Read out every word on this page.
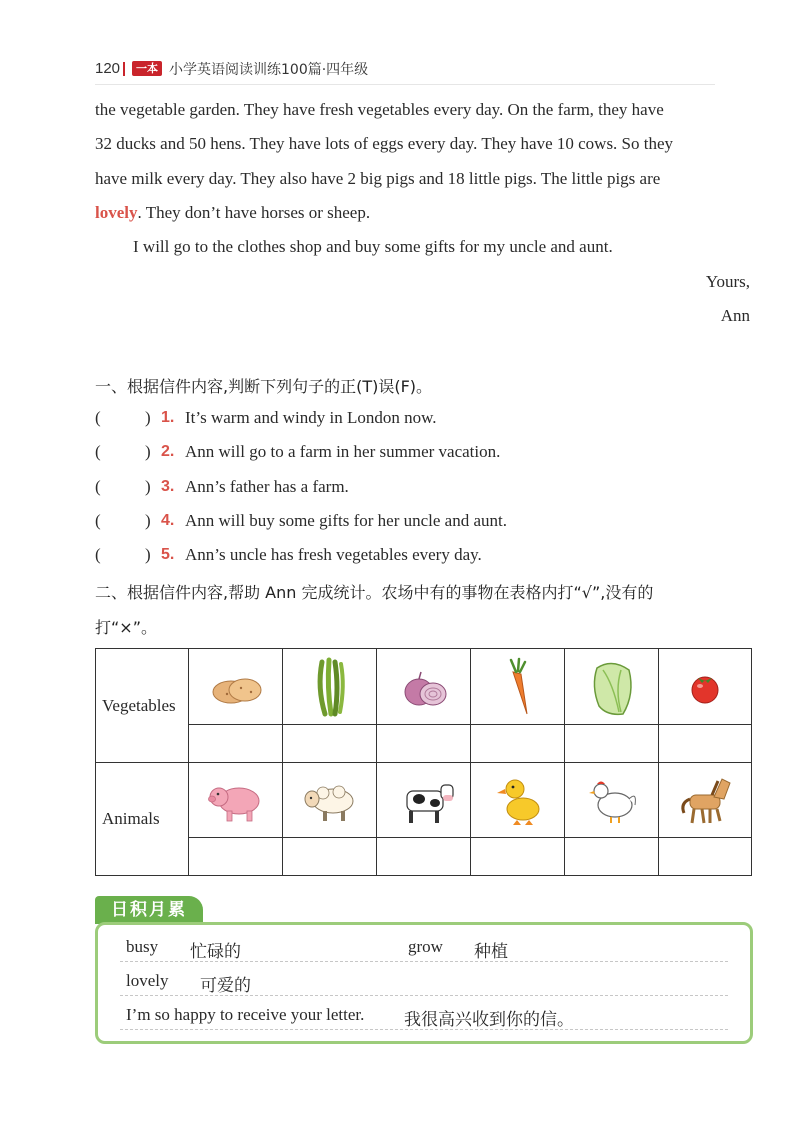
120	一本 小学英语阅读训练100篇·四年级
the vegetable garden. They have fresh vegetables every day. On the farm, they have
32 ducks and 50 hens. They have lots of eggs every day. They have 10 cows. So they
have milk every day. They also have 2 big pigs and 18 little pigs. The little pigs are
lovely. They don’t have horses or sheep.
I will go to the clothes shop and buy some gifts for my uncle and aunt.
Yours,
Ann
一、根据信件内容,判断下列句子的正(T)误(F)。
(	) 1. It’s warm and windy in London now.
(	) 2. Ann will go to a farm in her summer vacation.
(	) 3. Ann’s father has a farm.
(	) 4. Ann will buy some gifts for her uncle and aunt.
(	) 5. Ann’s uncle has fresh vegetables every day.
二、根据信件内容,帮助 Ann 完成统计。农场中有的事物在表格内打“√”,没有的
打“×”。
Vegetables	

Animals	

日积月累
busy 忙碌的	grow 种植
lovely 可爱的
I’m so happy to receive your letter. 我很高兴收到你的信。
